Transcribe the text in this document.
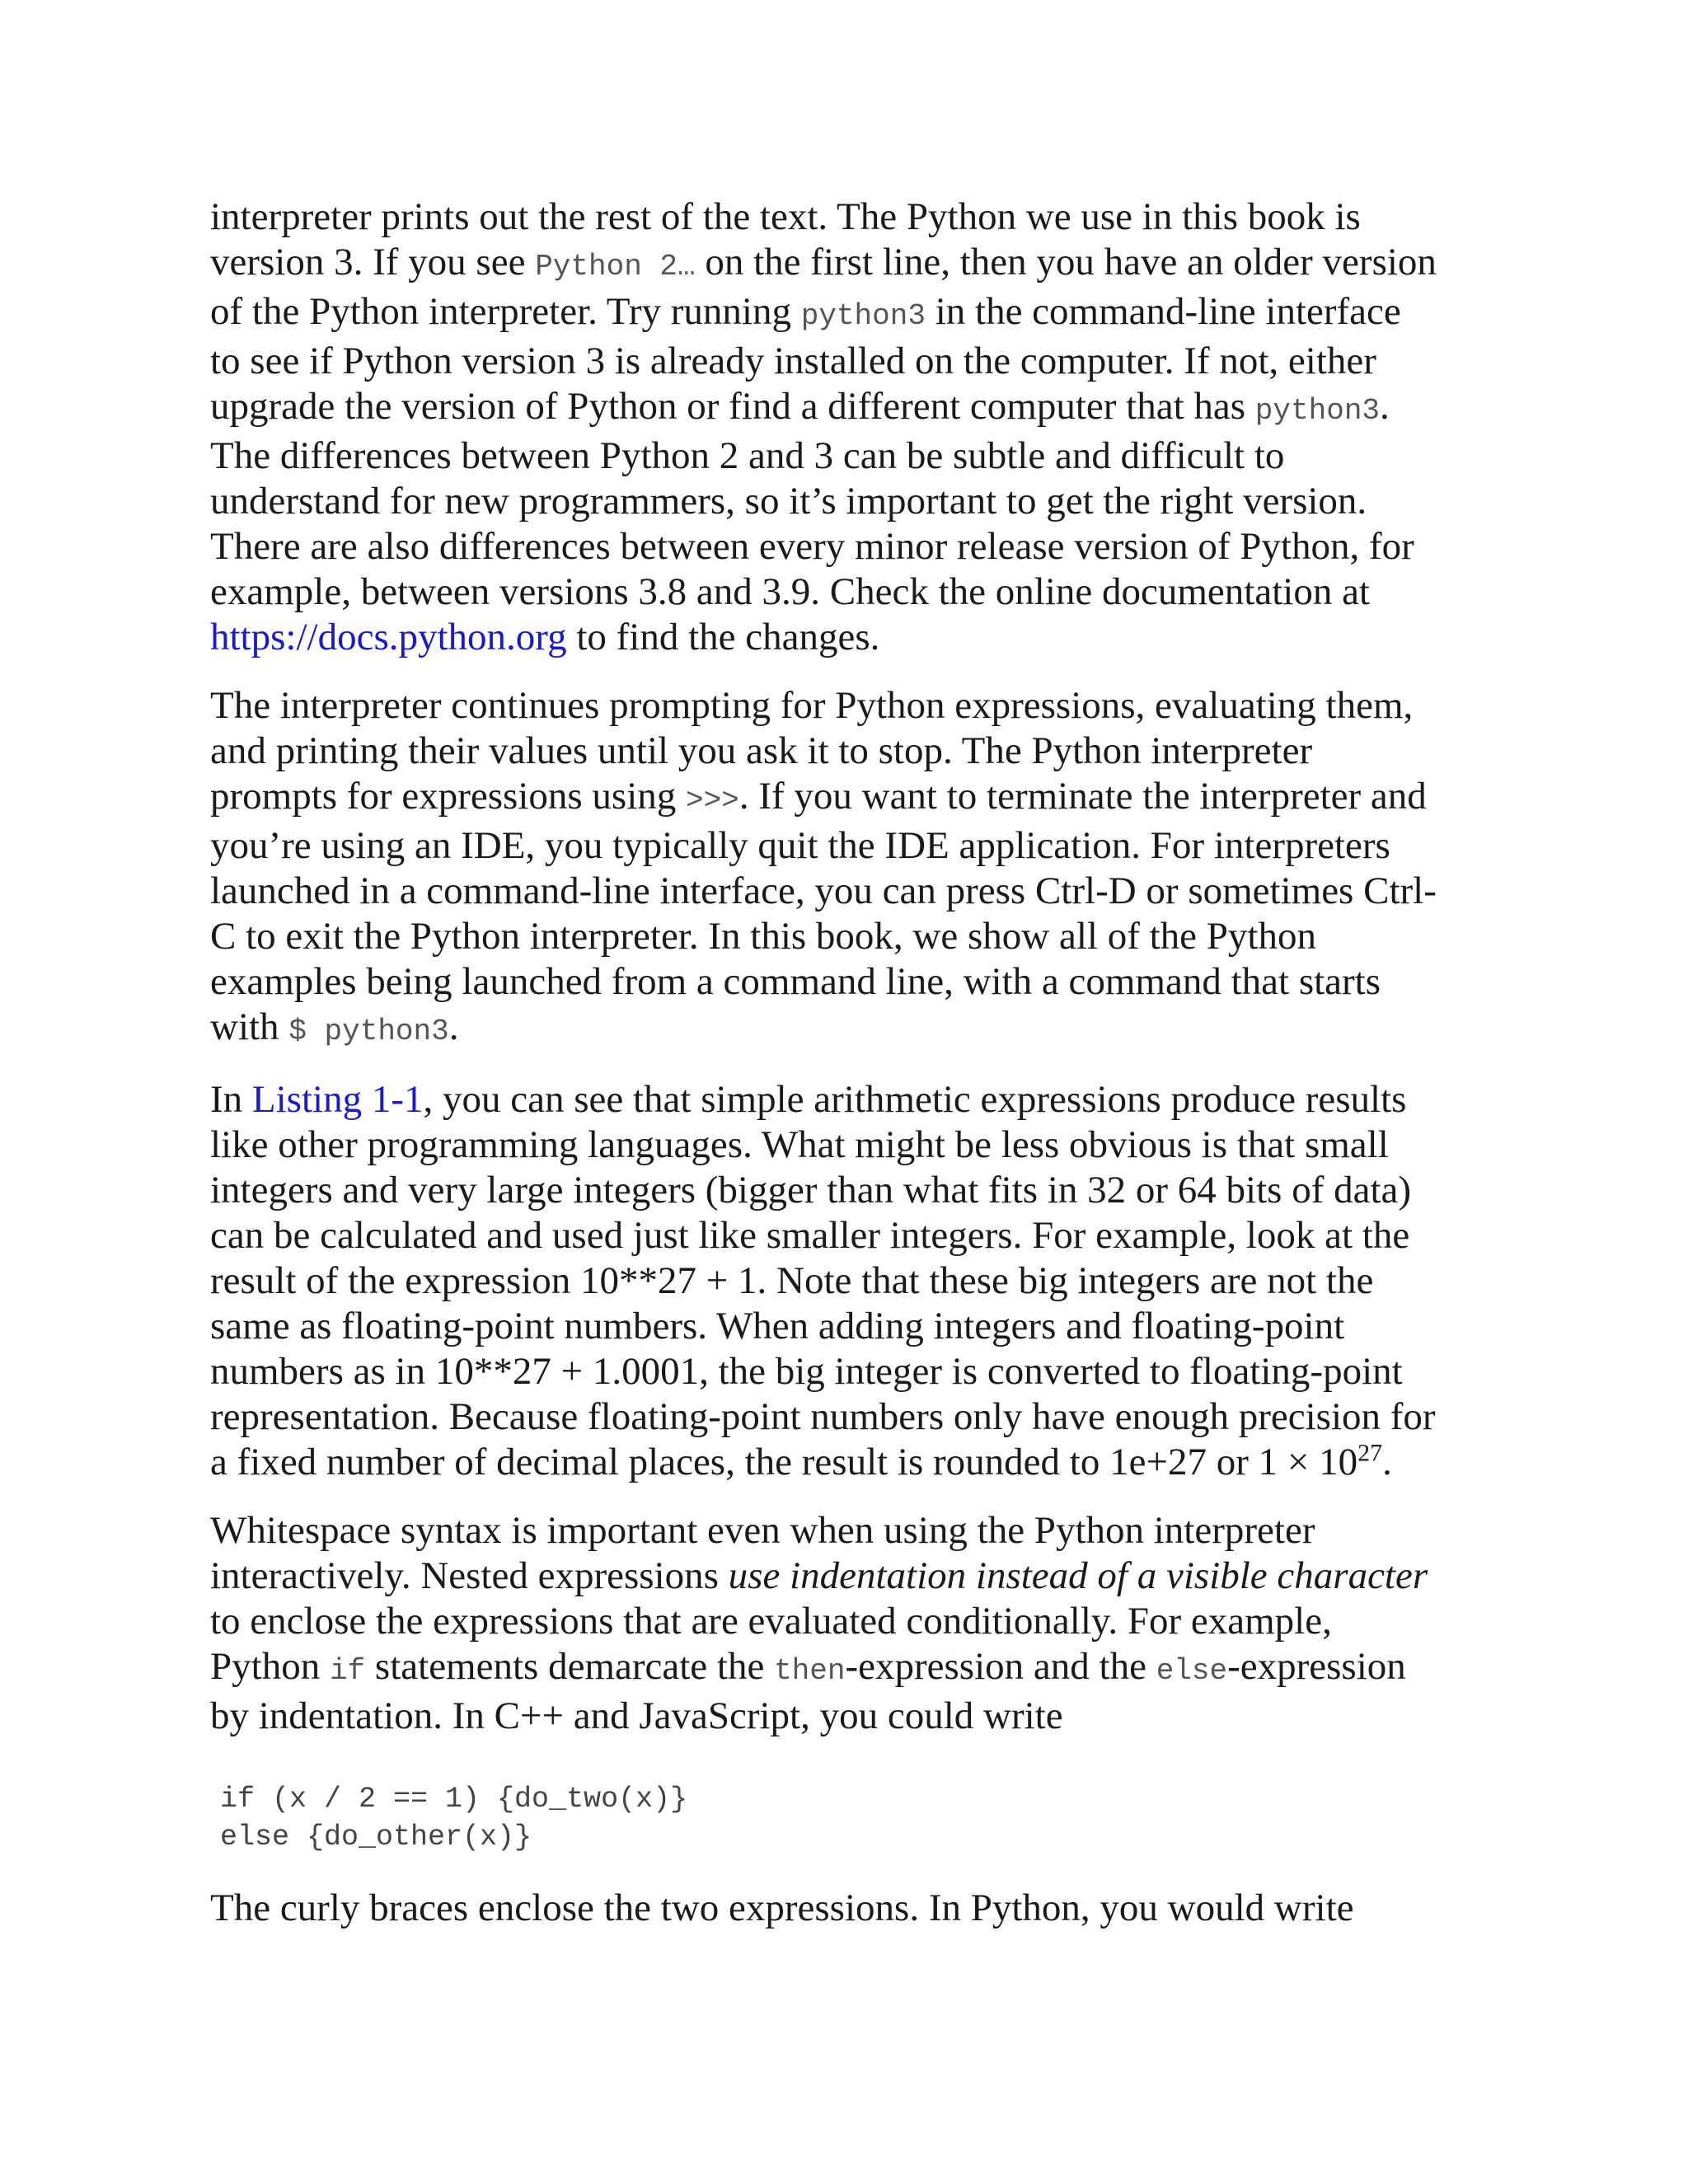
interpreter prints out the rest of the text. The Python we use in this book is
version 3. If you see Python 2… on the first line, then you have an older version
of the Python interpreter. Try running python3 in the command-line interface
to see if Python version 3 is already installed on the computer. If not, either
upgrade the version of Python or find a different computer that has python3.
The differences between Python 2 and 3 can be subtle and difficult to
understand for new programmers, so it’s important to get the right version.
There are also differences between every minor release version of Python, for
example, between versions 3.8 and 3.9. Check the online documentation at
https://docs.python.org to find the changes.

The interpreter continues prompting for Python expressions, evaluating them,
and printing their values until you ask it to stop. The Python interpreter
prompts for expressions using >>>. If you want to terminate the interpreter and
you’re using an IDE, you typically quit the IDE application. For interpreters
launched in a command-line interface, you can press Ctrl-D or sometimes Ctrl-
C to exit the Python interpreter. In this book, we show all of the Python
examples being launched from a command line, with a command that starts
with $ python3.

In Listing 1-1, you can see that simple arithmetic expressions produce results
like other programming languages. What might be less obvious is that small
integers and very large integers (bigger than what fits in 32 or 64 bits of data)
can be calculated and used just like smaller integers. For example, look at the
result of the expression 10**27 + 1. Note that these big integers are not the
same as floating-point numbers. When adding integers and floating-point
numbers as in 10**27 + 1.0001, the big integer is converted to floating-point
representation. Because floating-point numbers only have enough precision for
a fixed number of decimal places, the result is rounded to 1e+27 or $1 \times 10^{27}$.

Whitespace syntax is important even when using the Python interpreter
interactively. Nested expressions use indentation instead of a visible character
to enclose the expressions that are evaluated conditionally. For example,
Python if statements demarcate the then-expression and the else-expression
by indentation. In C++ and JavaScript, you could write

if (x / 2 == 1) {do_two(x)}
else {do_other(x)}

The curly braces enclose the two expressions. In Python, you would write
